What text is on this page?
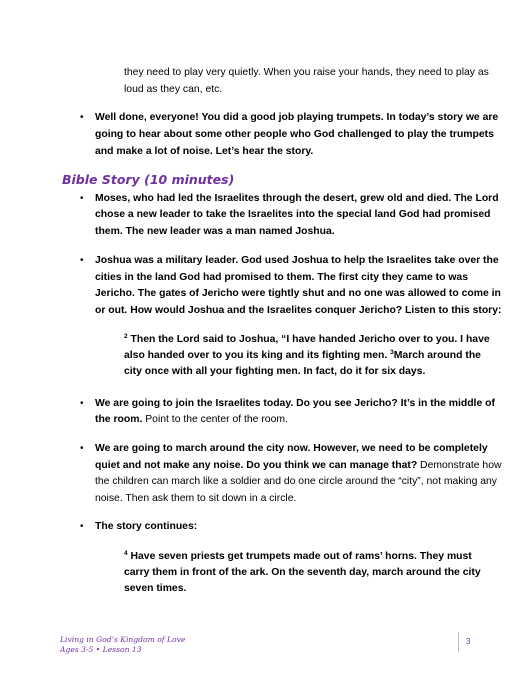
they need to play very quietly. When you raise your hands, they need to play as
loud as they can, etc.
• Well done, everyone! You did a good job playing trumpets. In today’s story we are
going to hear about some other people who God challenged to play the trumpets
and make a lot of noise. Let’s hear the story.
Bible Story (10 minutes)
• Moses, who had led the Israelites through the desert, grew old and died. The Lord
chose a new leader to take the Israelites into the special land God had promised
them. The new leader was a man named Joshua.
• Joshua was a military leader. God used Joshua to help the Israelites take over the
cities in the land God had promised to them. The first city they came to was
Jericho. The gates of Jericho were tightly shut and no one was allowed to come in
or out. How would Joshua and the Israelites conquer Jericho? Listen to this story:
$^2$ Then the Lord said to Joshua, “I have handed Jericho over to you. I have
also handed over to you its king and its fighting men. $^3$March around the
city once with all your fighting men. In fact, do it for six days.
• We are going to join the Israelites today. Do you see Jericho? It’s in the middle of
the room. Point to the center of the room.
• We are going to march around the city now. However, we need to be completely
quiet and not make any noise. Do you think we can manage that? Demonstrate how
the children can march like a soldier and do one circle around the “city”, not making any
noise. Then ask them to sit down in a circle.
• The story continues:
$^4$ Have seven priests get trumpets made out of rams’ horns. They must
carry them in front of the ark. On the seventh day, march around the city
seven times.
Living in God’s Kingdom of Love
Ages 3-5 • Lesson 13
3
